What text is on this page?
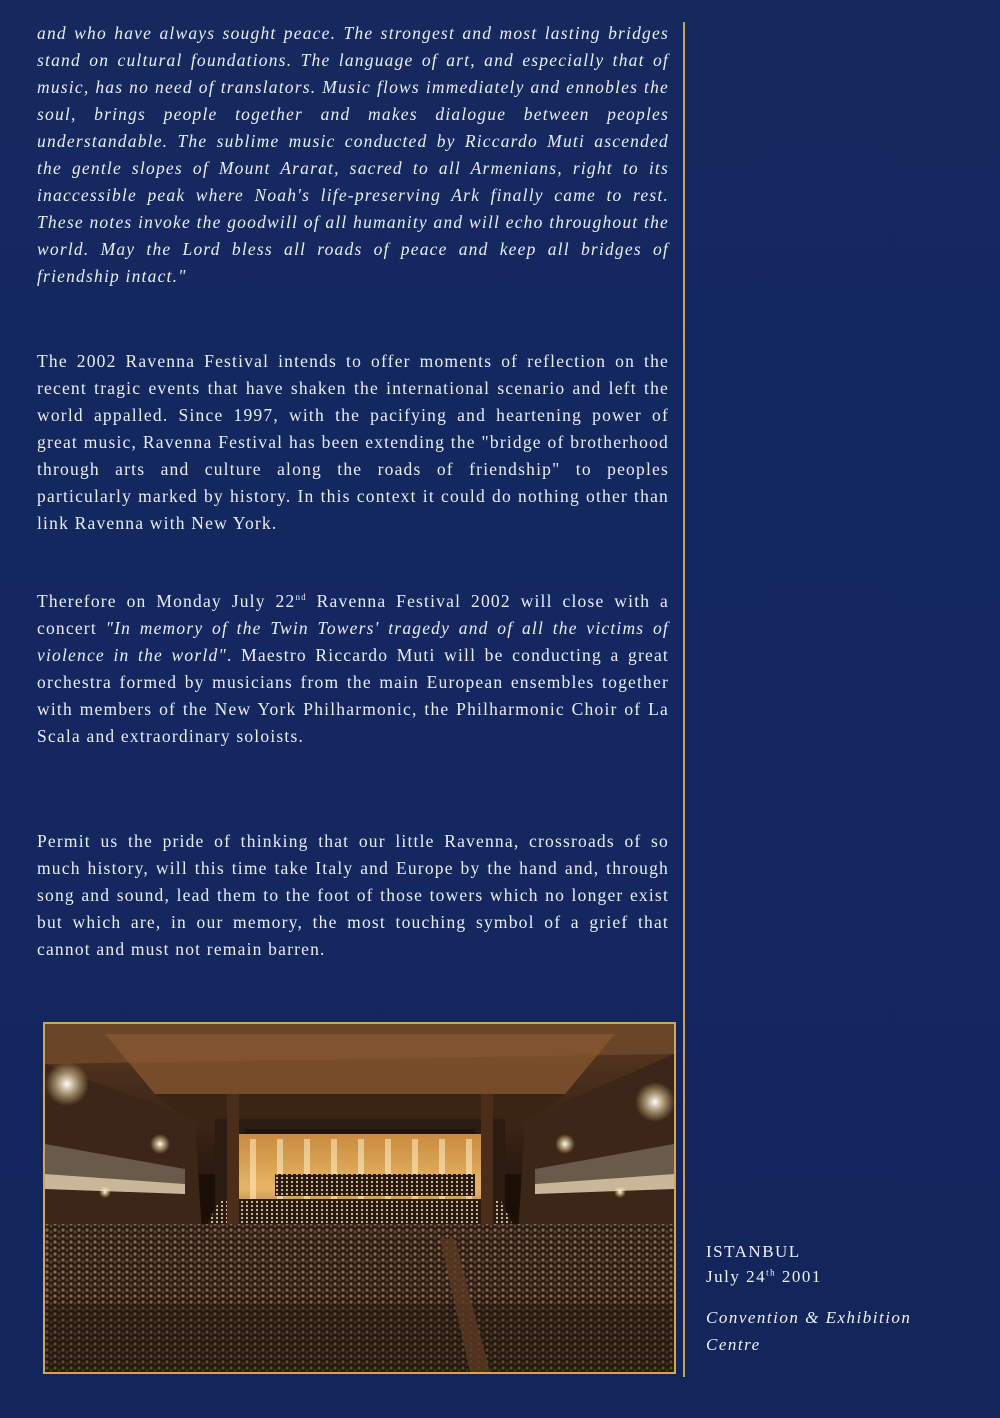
and who have always sought peace. The strongest and most lasting bridges stand on cultural foundations. The language of art, and especially that of music, has no need of translators. Music flows immediately and ennobles the soul, brings people together and makes dialogue between peoples understandable. The sublime music conducted by Riccardo Muti ascended the gentle slopes of Mount Ararat, sacred to all Armenians, right to its inaccessible peak where Noah's life-preserving Ark finally came to rest. These notes invoke the goodwill of all humanity and will echo throughout the world. May the Lord bless all roads of peace and keep all bridges of friendship intact."

The 2002 Ravenna Festival intends to offer moments of reflection on the recent tragic events that have shaken the international scenario and left the world appalled. Since 1997, with the pacifying and heartening power of great music, Ravenna Festival has been extending the "bridge of brotherhood through arts and culture along the roads of friendship" to peoples particularly marked by history. In this context it could do nothing other than link Ravenna with New York.

Therefore on Monday July 22nd Ravenna Festival 2002 will close with a concert "In memory of the Twin Towers' tragedy and of all the victims of violence in the world". Maestro Riccardo Muti will be conducting a great orchestra formed by musicians from the main European ensembles together with members of the New York Philharmonic, the Philharmonic Choir of La Scala and extraordinary soloists.

Permit us the pride of thinking that our little Ravenna, crossroads of so much history, will this time take Italy and Europe by the hand and, through song and sound, lead them to the foot of those towers which no longer exist but which are, in our memory, the most touching symbol of a grief that cannot and must not remain barren.

ISTANBUL
July 24th 2001
Convention & Exhibition Centre
